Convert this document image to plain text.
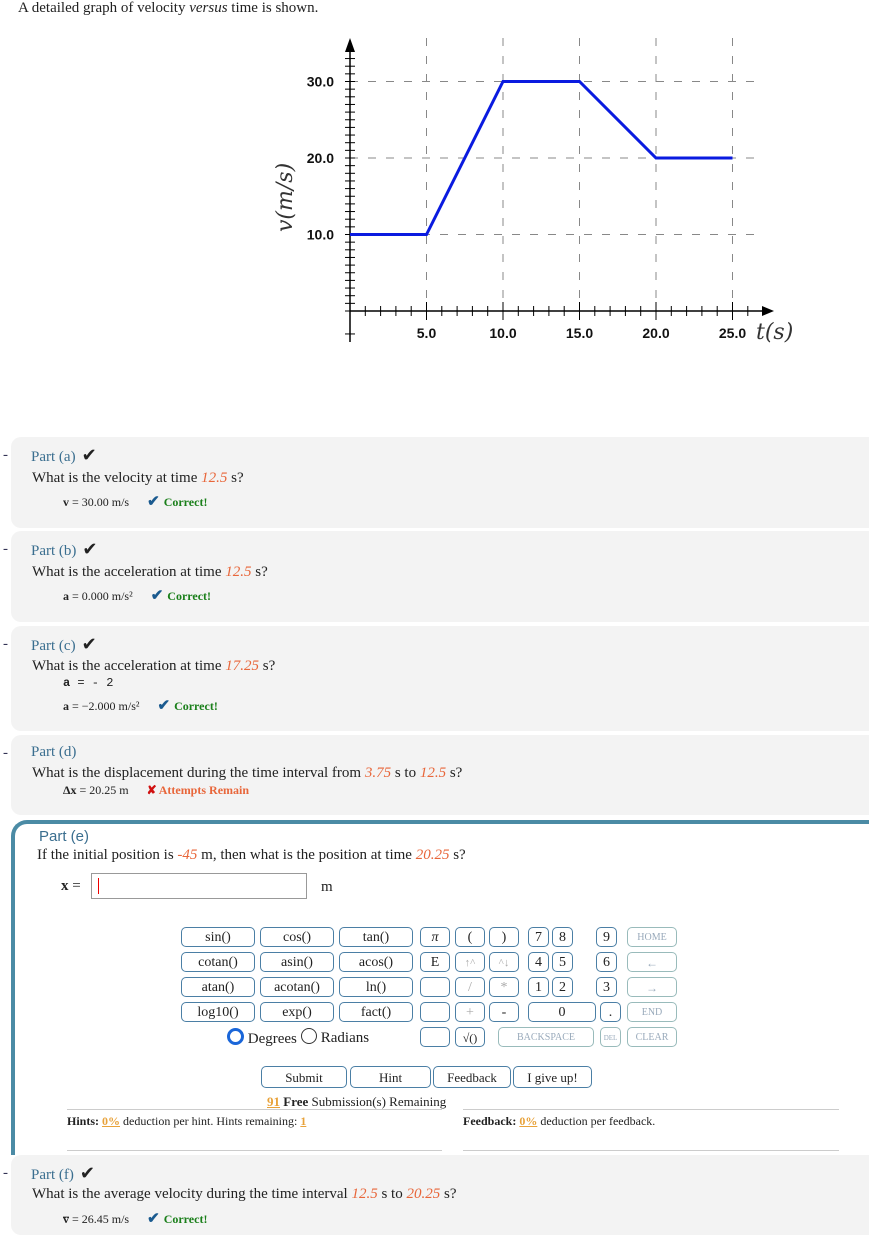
A detailed graph of velocity versus time is shown.
5.0	10.0	15.0	20.0	25.0
10.0
20.0
30.0
t(s)
v(m/s)
- Part (a) ✔
What is the velocity at time 12.5 s?
v = 30.00 m/s ✔ Correct!
- Part (b) ✔
What is the acceleration at time 12.5 s?
a = 0.000 m/s² ✔ Correct!
- Part (c) ✔
What is the acceleration at time 17.25 s?
a = - 2
a = −2.000 m/s² ✔ Correct!
- Part (d)
What is the displacement during the time interval from 3.75 s to 12.5 s?
Δx = 20.25 m ✘ Attempts Remain
Part (e)
If the initial position is -45 m, then what is the position at time 20.25 s?
x =	m
sin()	cos()	tan()
cotan()	asin()	acos()
atan()	acotan()	ln()
log10()	exp()	fact()
π
E
(	)
↑^	^↓
/	*
+	-
√()
7	8	9
4	5	6
1	2	3
0	.
BACKSPACE	DEL
HOME
←
→
END
CLEAR
Degrees	Radians
Submit	Hint	Feedback	I give up!
91 Free Submission(s) Remaining
Hints: 0% deduction per hint. Hints remaining: 1	Feedback: 0% deduction per feedback.
- Part (f) ✔
What is the average velocity during the time interval 12.5 s to 20.25 s?
v̅ = 26.45 m/s ✔ Correct!
